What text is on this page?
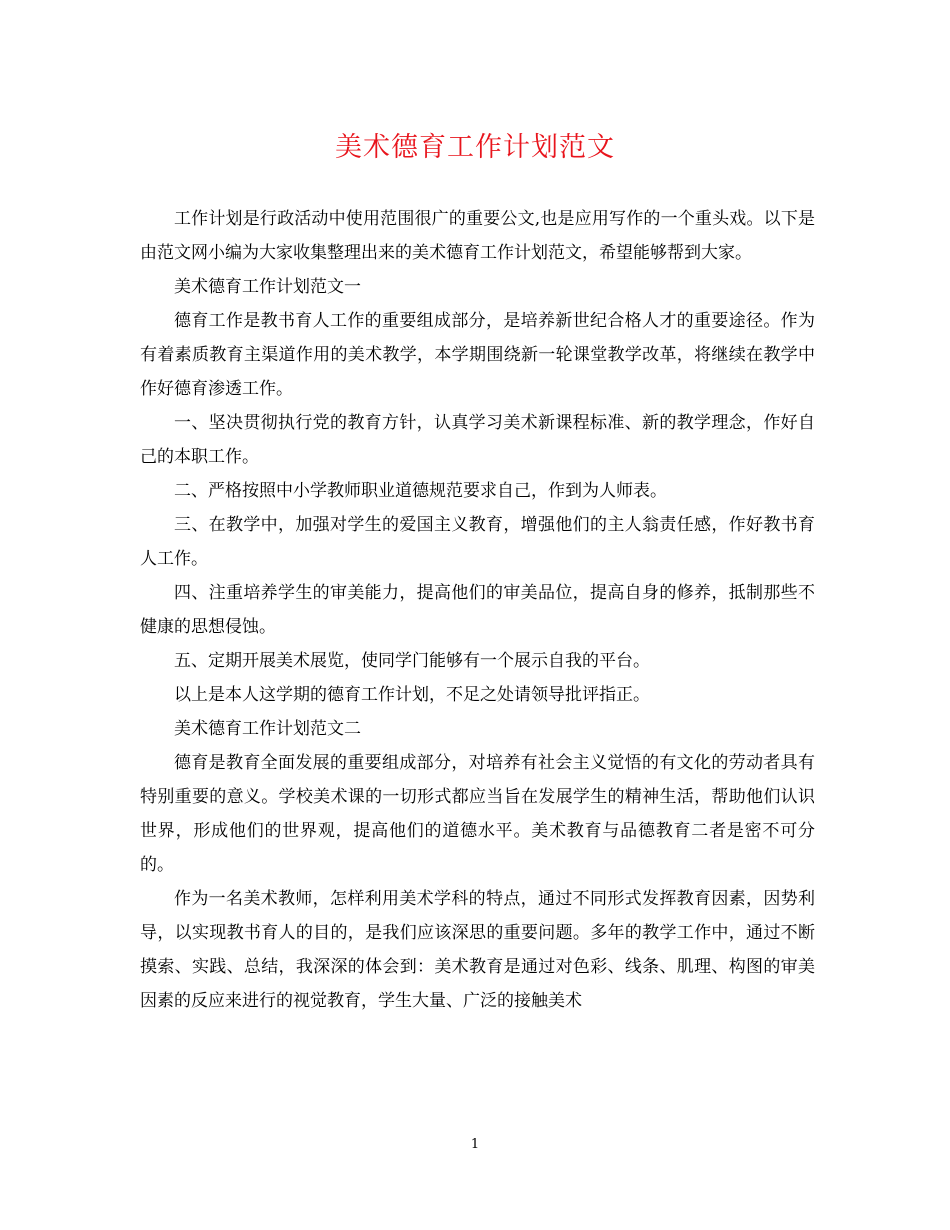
美术德育工作计划范文

工作计划是行政活动中使用范围很广的重要公文,也是应用写作的一个重头戏。以下是由范文网小编为大家收集整理出来的美术德育工作计划范文，希望能够帮到大家。

美术德育工作计划范文一

德育工作是教书育人工作的重要组成部分，是培养新世纪合格人才的重要途径。作为有着素质教育主渠道作用的美术教学，本学期围绕新一轮课堂教学改革，将继续在教学中作好德育渗透工作。

一、坚决贯彻执行党的教育方针，认真学习美术新课程标准、新的教学理念，作好自己的本职工作。

二、严格按照中小学教师职业道德规范要求自己，作到为人师表。

三、在教学中，加强对学生的爱国主义教育，增强他们的主人翁责任感，作好教书育人工作。

四、注重培养学生的审美能力，提高他们的审美品位，提高自身的修养，抵制那些不健康的思想侵蚀。

五、定期开展美术展览，使同学门能够有一个展示自我的平台。

以上是本人这学期的德育工作计划，不足之处请领导批评指正。

美术德育工作计划范文二

德育是教育全面发展的重要组成部分，对培养有社会主义觉悟的有文化的劳动者具有特别重要的意义。学校美术课的一切形式都应当旨在发展学生的精神生活，帮助他们认识世界，形成他们的世界观，提高他们的道德水平。美术教育与品德教育二者是密不可分的。

作为一名美术教师，怎样利用美术学科的特点，通过不同形式发挥教育因素，因势利导，以实现教书育人的目的，是我们应该深思的重要问题。多年的教学工作中，通过不断摸索、实践、总结，我深深的体会到：美术教育是通过对色彩、线条、肌理、构图的审美因素的反应来进行的视觉教育，学生大量、广泛的接触美术

1
